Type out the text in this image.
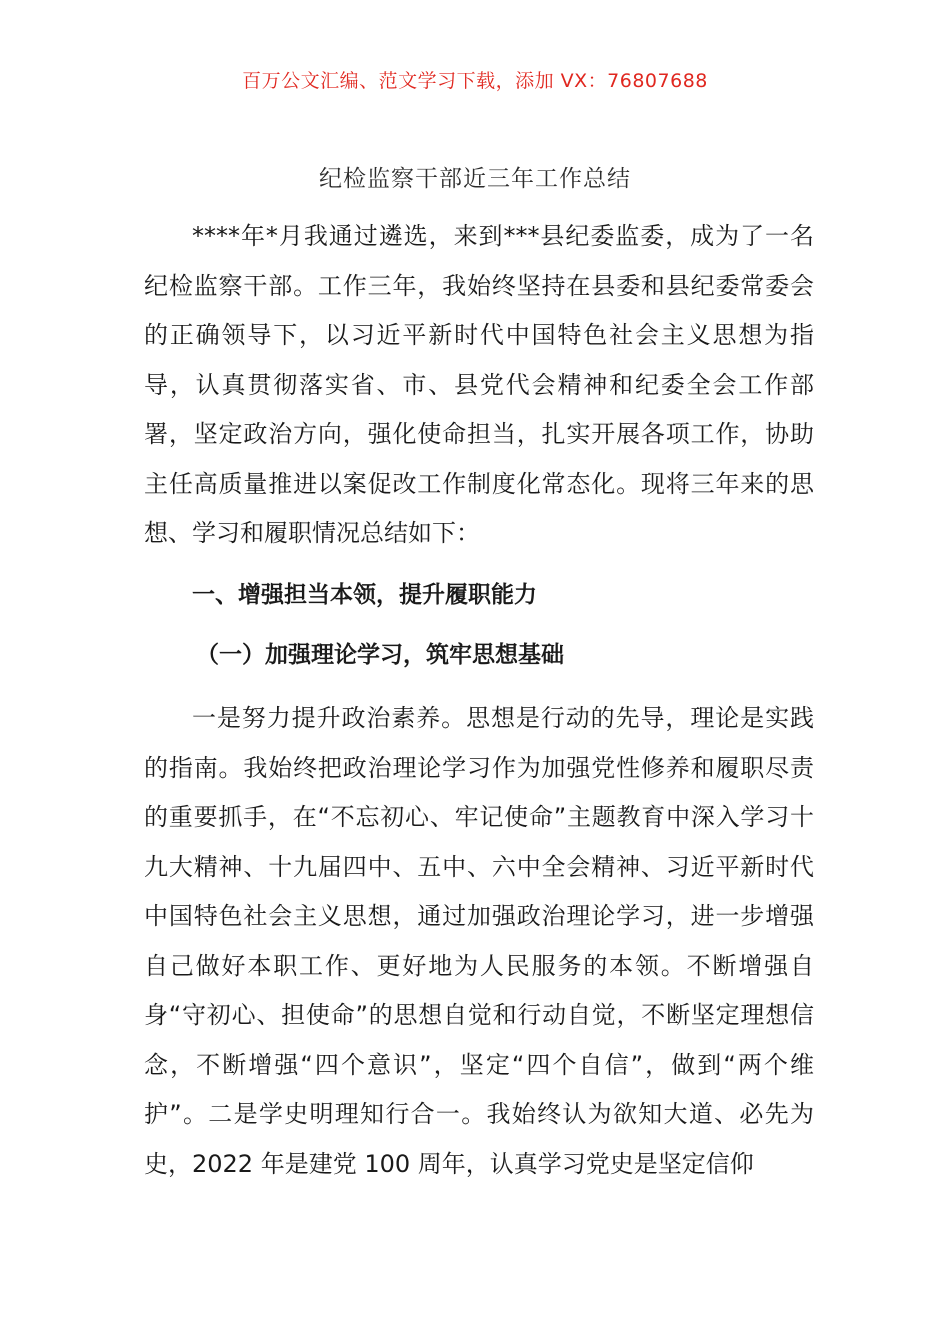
百万公文汇编、范文学习下载，添加 VX：76807688
纪检监察干部近三年工作总结

****年*月我通过遴选，来到***县纪委监委，成为了一名纪检监察干部。工作三年，我始终坚持在县委和县纪委常委会的正确领导下，以习近平新时代中国特色社会主义思想为指导，认真贯彻落实省、市、县党代会精神和纪委全会工作部署，坚定政治方向，强化使命担当，扎实开展各项工作，协助主任高质量推进以案促改工作制度化常态化。现将三年来的思想、学习和履职情况总结如下：

一、增强担当本领，提升履职能力
（一）加强理论学习，筑牢思想基础

一是努力提升政治素养。思想是行动的先导，理论是实践的指南。我始终把政治理论学习作为加强党性修养和履职尽责的重要抓手，在“不忘初心、牢记使命”主题教育中深入学习十九大精神、十九届四中、五中、六中全会精神、习近平新时代中国特色社会主义思想，通过加强政治理论学习，进一步增强自己做好本职工作、更好地为人民服务的本领。不断增强自身“守初心、担使命”的思想自觉和行动自觉，不断坚定理想信念，不断增强“四个意识”，坚定“四个自信”，做到“两个维护”。二是学史明理知行合一。我始终认为欲知大道、必先为史，2022 年是建党 100 周年，认真学习党史是坚定信仰
